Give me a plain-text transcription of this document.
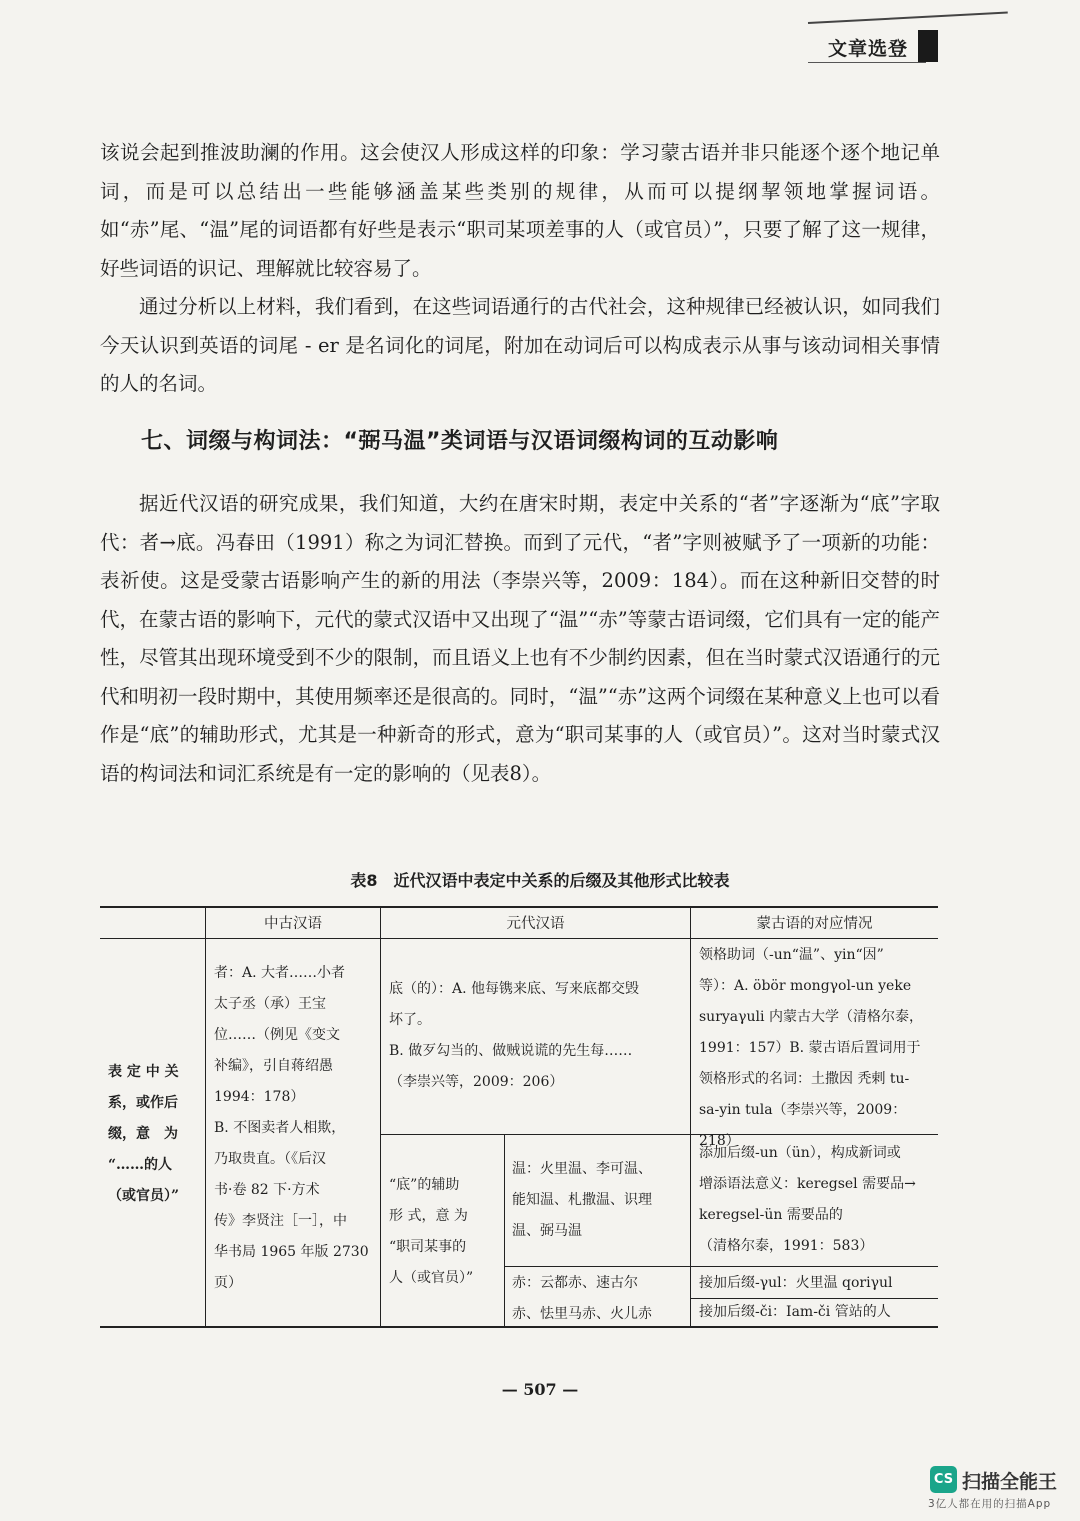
文章选登

该说会起到推波助澜的作用。这会使汉人形成这样的印象：学习蒙古语并非只能逐个逐个地记单词，而是可以总结出一些能够涵盖某些类别的规律，从而可以提纲挈领地掌握词语。如“赤”尾、“温”尾的词语都有好些是表示“职司某项差事的人（或官员）”，只要了解了这一规律，好些词语的识记、理解就比较容易了。

通过分析以上材料，我们看到，在这些词语通行的古代社会，这种规律已经被认识，如同我们今天认识到英语的词尾 - er 是名词化的词尾，附加在动词后可以构成表示从事与该动词相关事情的人的名词。

七、词缀与构词法：“弼马温”类词语与汉语词缀构词的互动影响

据近代汉语的研究成果，我们知道，大约在唐宋时期，表定中关系的“者”字逐渐为“底”字取代：者→底。冯春田（1991）称之为词汇替换。而到了元代，“者”字则被赋予了一项新的功能：表祈使。这是受蒙古语影响产生的新的用法（李崇兴等，2009：184）。而在这种新旧交替的时代，在蒙古语的影响下，元代的蒙式汉语中又出现了“温”“赤”等蒙古语词缀，它们具有一定的能产性，尽管其出现环境受到不少的限制，而且语义上也有不少制约因素，但在当时蒙式汉语通行的元代和明初一段时期中，其使用频率还是很高的。同时，“温”“赤”这两个词缀在某种意义上也可以看作是“底”的辅助形式，尤其是一种新奇的形式，意为“职司某事的人（或官员）”。这对当时蒙式汉语的构词法和词汇系统是有一定的影响的（见表8）。

表8　近代汉语中表定中关系的后缀及其他形式比较表
中古汉语	元代汉语	蒙古语的对应情况
表 定 中 关
系，或作后
缀，意　为
“……的人
（或官员）”
者：A. 大者……小者
太子丞（承）王宝
位……（例见《变文
补编》，引自蒋绍愚
1994：178）
B. 不图卖者人相欺，
乃取贵直。（《后汉
书·卷 82 下·方术
传》李贤注［一］，中
华书局 1965 年版 2730
页）
底（的）：A. 他每镌来底、写来底都交毁
坏了。
B. 做歹勾当的、做贼说谎的先生每……
（李崇兴等，2009：206）
领格助词（-un“温”、yin“因”
等）：A. öbör mongγol-un yeke
suryaγuli 内蒙古大学（清格尔泰，
1991：157）B. 蒙古语后置词用于
领格形式的名词：土撒因 秃剌 tu-
sa-yin tula（李崇兴等，2009：218）
“底”的辅助
形 式，意 为
“职司某事的
人（或官员）”
温：火里温、李可温、
能知温、札撒温、识理
温、弼马温
添加后缀-un（ün），构成新词或
增添语法意义：keregsel 需要品→
keregsel-ün 需要品的
（清格尔泰，1991：583）
赤：云都赤、速古尔
赤、怯里马赤、火儿赤
接加后缀-γul：火里温 qoriγul
接加后缀-či：Iam-či 管站的人
— 507 —
CS 扫描全能王
3亿人都在用的扫描App
